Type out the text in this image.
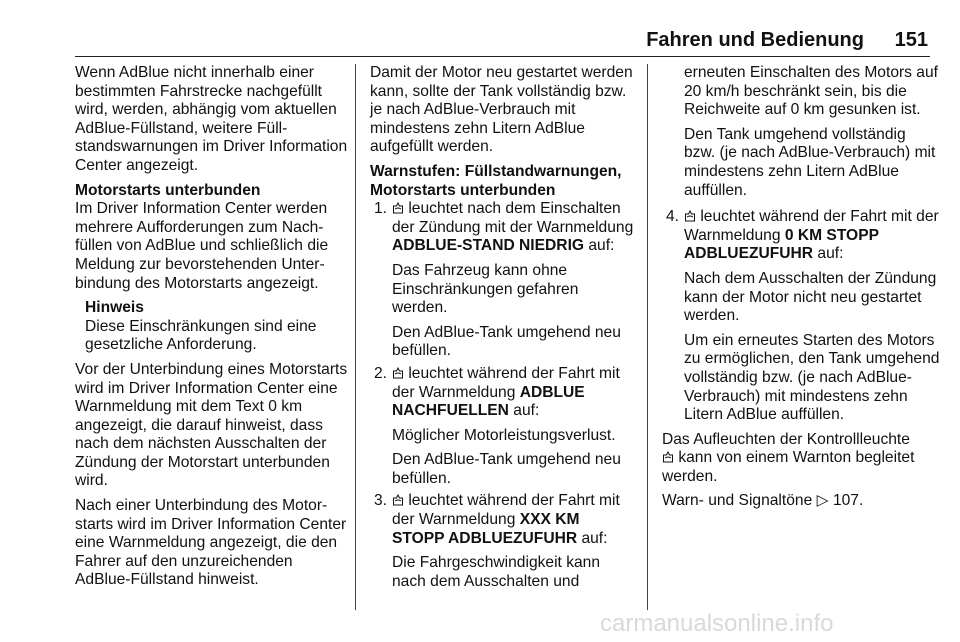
Fahren und Bedienung	151

Wenn AdBlue nicht innerhalb einer bestimmten Fahrstrecke nachgefüllt wird, werden, abhängig vom aktuellen AdBlue-Füllstand, weitere Füllstandswarnungen im Driver Information Center angezeigt.

Motorstarts unterbunden

Im Driver Information Center werden mehrere Aufforderungen zum Nachfüllen von AdBlue und schließlich die Meldung zur bevorstehenden Unterbindung des Motorstarts angezeigt.

Hinweis
Diese Einschränkungen sind eine gesetzliche Anforderung.

Vor der Unterbindung eines Motorstarts wird im Driver Information Center eine Warnmeldung mit dem Text 0 km angezeigt, die darauf hinweist, dass nach dem nächsten Ausschalten der Zündung der Motorstart unterbunden wird.

Nach einer Unterbindung des Motorstarts wird im Driver Information Center eine Warnmeldung angezeigt, die den Fahrer auf den unzureichenden AdBlue-Füllstand hinweist.

Damit der Motor neu gestartet werden kann, sollte der Tank vollständig bzw. je nach AdBlue-Verbrauch mit mindestens zehn Litern AdBlue aufgefüllt werden.

Warnstufen: Füllstandwarnungen, Motorstarts unterbunden
1. leuchtet nach dem Einschalten der Zündung mit der Warnmeldung ADBLUE-STAND NIEDRIG auf:
Das Fahrzeug kann ohne Einschränkungen gefahren werden.
Den AdBlue-Tank umgehend neu befüllen.
2. leuchtet während der Fahrt mit der Warnmeldung ADBLUE NACHFUELLEN auf:
Möglicher Motorleistungsverlust.
Den AdBlue-Tank umgehend neu befüllen.
3. leuchtet während der Fahrt mit der Warnmeldung XXX KM STOPP ADBLUEZUFUHR auf:
Die Fahrgeschwindigkeit kann nach dem Ausschalten und
erneuten Einschalten des Motors auf 20 km/h beschränkt sein, bis die Reichweite auf 0 km gesunken ist.
Den Tank umgehend vollständig bzw. (je nach AdBlue-Verbrauch) mit mindestens zehn Litern AdBlue auffüllen.
4. leuchtet während der Fahrt mit der Warnmeldung 0 KM STOPP ADBLUEZUFUHR auf:
Nach dem Ausschalten der Zündung kann der Motor nicht neu gestartet werden.
Um ein erneutes Starten des Motors zu ermöglichen, den Tank umgehend vollständig bzw. (je nach AdBlue-Verbrauch) mit mindestens zehn Litern AdBlue auffüllen.

Das Aufleuchten der Kontrollleuchte
kann von einem Warnton begleitet werden.

Warn- und Signaltöne ▷ 107.

carmanualsonline.info
